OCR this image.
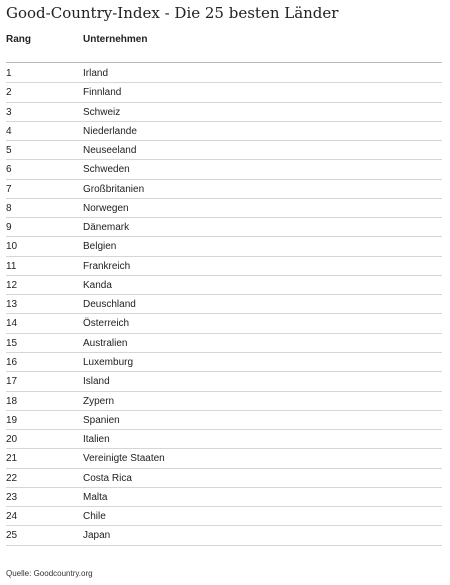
Good-Country-Index - Die 25 besten Länder
Rang	Unternehmen
1	Irland
2	Finnland
3	Schweiz
4	Niederlande
5	Neuseeland
6	Schweden
7	Großbritanien
8	Norwegen
9	Dänemark
10	Belgien
11	Frankreich
12	Kanda
13	Deuschland
14	Österreich
15	Australien
16	Luxemburg
17	Island
18	Zypern
19	Spanien
20	Italien
21	Vereinigte Staaten
22	Costa Rica
23	Malta
24	Chile
25	Japan
Quelle: Goodcountry.org
